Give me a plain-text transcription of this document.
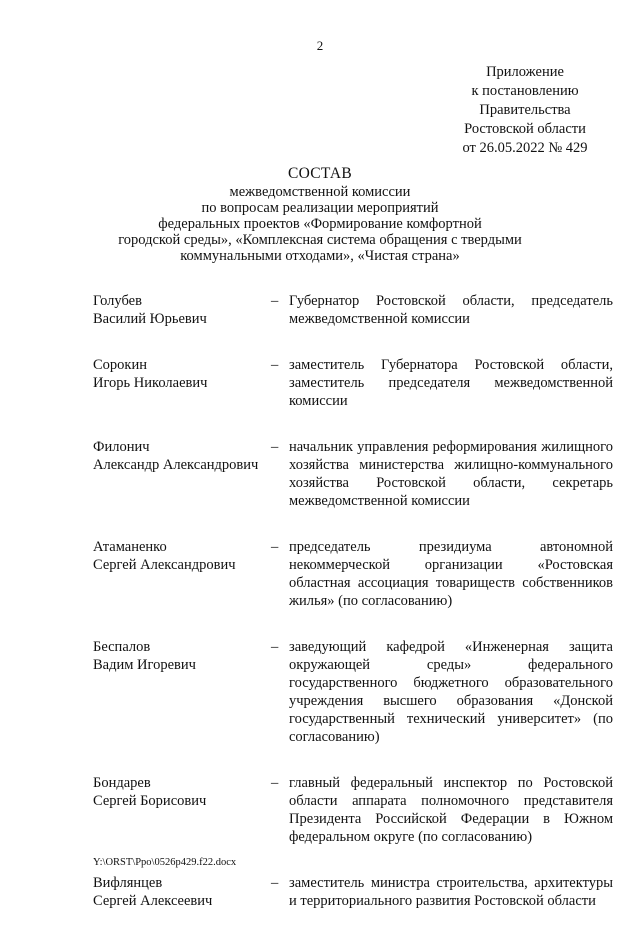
2
Приложение
к постановлению
Правительства
Ростовской области
от 26.05.2022 № 429
СОСТАВ
межведомственной комиссии
по вопросам реализации мероприятий
федеральных проектов «Формирование комфортной
городской среды», «Комплексная система обращения с твердыми
коммунальными отходами», «Чистая страна»
Голубев
Василий Юрьевич
– Губернатор Ростовской области, председатель межведомственной комиссии
Сорокин
Игорь Николаевич
– заместитель Губернатора Ростовской области, заместитель председателя межведомственной комиссии
Филонич
Александр Александрович
– начальник управления реформирования жилищного хозяйства министерства жилищно-коммунального хозяйства Ростовской области, секретарь межведомственной комиссии
Атаманенко
Сергей Александрович
– председатель президиума автономной некоммерческой организации «Ростовская областная ассоциация товариществ собственников жилья» (по согласованию)
Беспалов
Вадим Игоревич
– заведующий кафедрой «Инженерная защита окружающей среды» федерального государственного бюджетного образовательного учреждения высшего образования «Донской государственный технический университет» (по согласованию)
Бондарев
Сергей Борисович
– главный федеральный инспектор по Ростовской области аппарата полномочного представителя Президента Российской Федерации в Южном федеральном округе (по согласованию)
Вифлянцев
Сергей Алексеевич
– заместитель министра строительства, архитектуры и территориального развития Ростовской области
Y:\ORST\Ppo\0526p429.f22.docx
